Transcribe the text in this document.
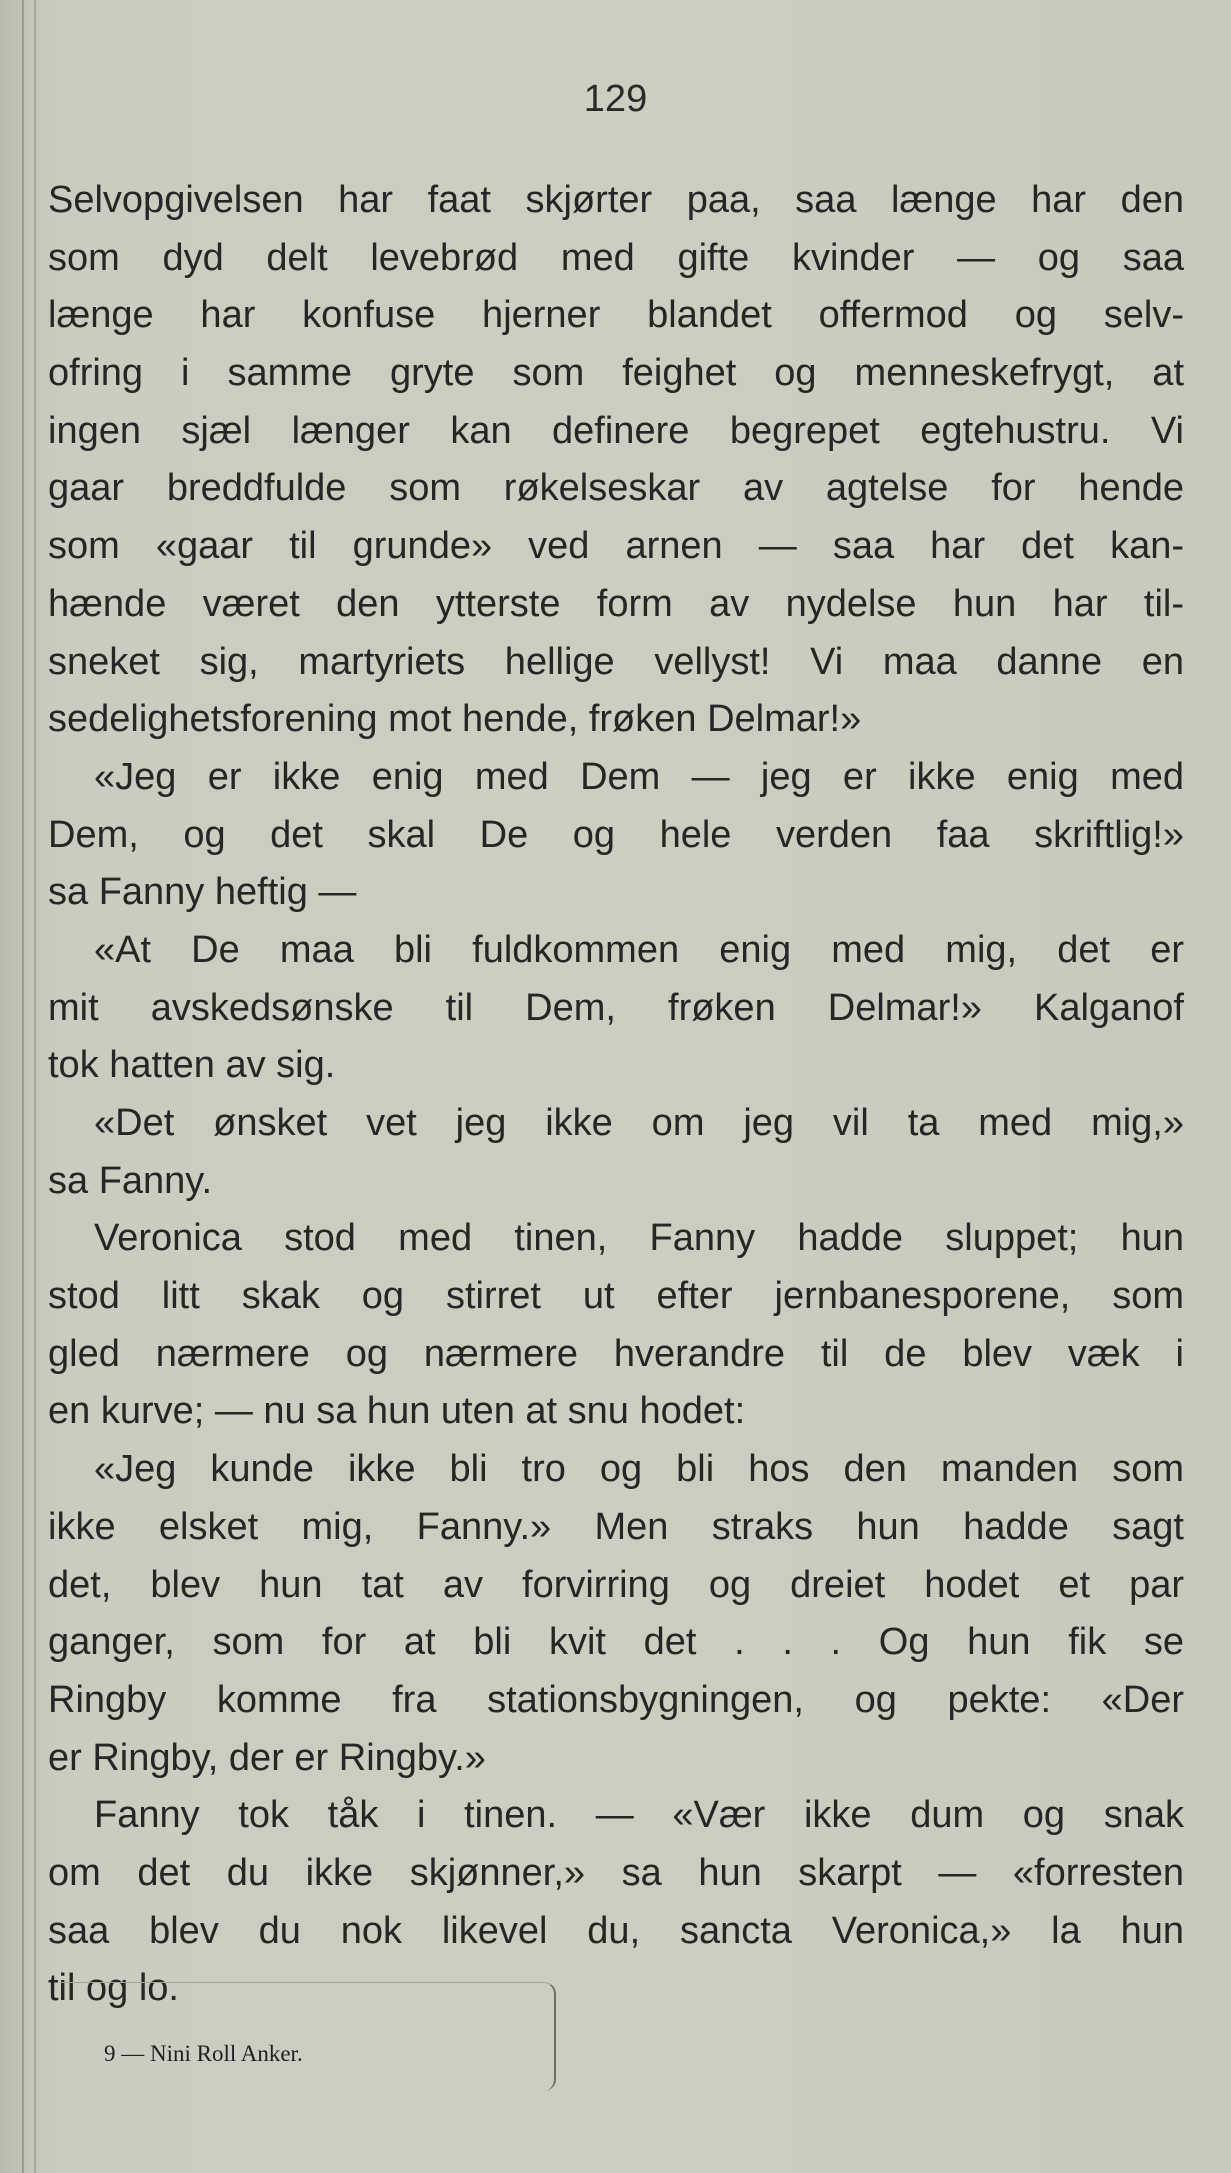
129
Selvopgivelsen har faat skjørter paa, saa længe har den
som dyd delt levebrød med gifte kvinder — og saa
længe har konfuse hjerner blandet offermod og selv-
ofring i samme gryte som feighet og menneskefrygt, at
ingen sjæl længer kan definere begrepet egtehustru. Vi
gaar breddfulde som røkelseskar av agtelse for hende
som «gaar til grunde» ved arnen — saa har det kan-
hænde været den ytterste form av nydelse hun har til-
sneket sig, martyriets hellige vellyst! Vi maa danne en
sedelighetsforening mot hende, frøken Delmar!»
«Jeg er ikke enig med Dem — jeg er ikke enig med
Dem, og det skal De og hele verden faa skriftlig!»
sa Fanny heftig —
«At De maa bli fuldkommen enig med mig, det er
mit avskedsønske til Dem, frøken Delmar!» Kalganof
tok hatten av sig.
«Det ønsket vet jeg ikke om jeg vil ta med mig,»
sa Fanny.
Veronica stod med tinen, Fanny hadde sluppet; hun
stod litt skak og stirret ut efter jernbanesporene, som
gled nærmere og nærmere hverandre til de blev væk i
en kurve; — nu sa hun uten at snu hodet:
«Jeg kunde ikke bli tro og bli hos den manden som
ikke elsket mig, Fanny.» Men straks hun hadde sagt
det, blev hun tat av forvirring og dreiet hodet et par
ganger, som for at bli kvit det . . . Og hun fik se
Ringby komme fra stationsbygningen, og pekte: «Der
er Ringby, der er Ringby.»
Fanny tok tåk i tinen. — «Vær ikke dum og snak
om det du ikke skjønner,» sa hun skarpt — «forresten
saa blev du nok likevel du, sancta Veronica,» la hun
til og lo.
9 — Nini Roll Anker.
